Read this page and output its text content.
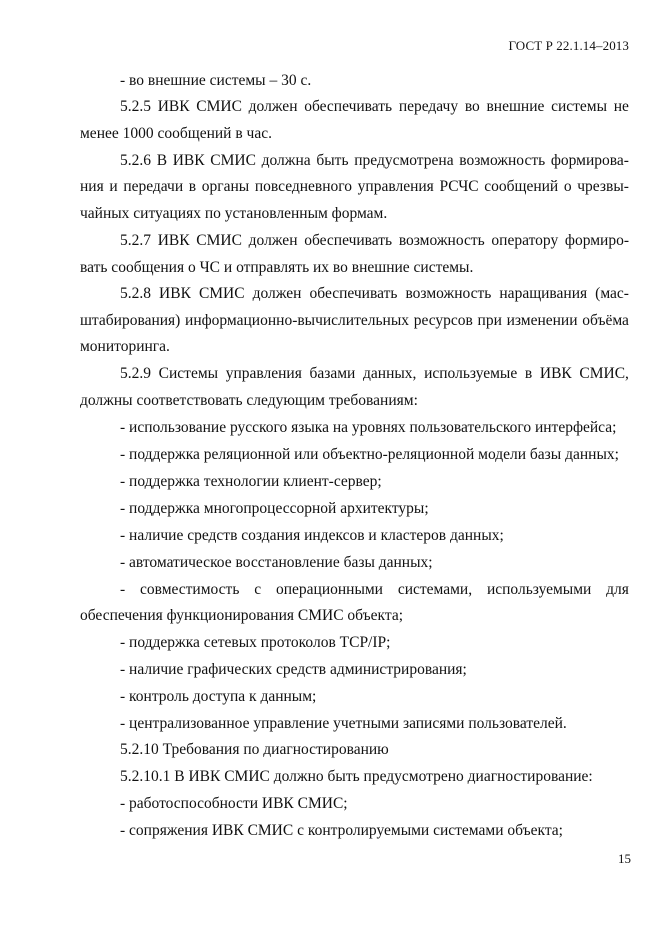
ГОСТ Р 22.1.14–2013
- во внешние системы – 30 с.
5.2.5 ИВК СМИС должен обеспечивать передачу во внешние системы не
менее 1000 сообщений в час.
5.2.6 В ИВК СМИС должна быть предусмотрена возможность формирова-
ния и передачи в органы повседневного управления РСЧС сообщений о чрезвы-
чайных ситуациях по установленным формам.
5.2.7 ИВК СМИС должен обеспечивать возможность оператору формиро-
вать сообщения о ЧС и отправлять их во внешние системы.
5.2.8 ИВК СМИС должен обеспечивать возможность наращивания (мас-
штабирования) информационно-вычислительных ресурсов при изменении объёма
мониторинга.
5.2.9 Системы управления базами данных, используемые в ИВК СМИС,
должны соответствовать следующим требованиям:
- использование русского языка на уровнях пользовательского интерфейса;
- поддержка реляционной или объектно-реляционной модели базы данных;
- поддержка технологии клиент-сервер;
- поддержка многопроцессорной архитектуры;
- наличие средств создания индексов и кластеров данных;
- автоматическое восстановление базы данных;
- совместимость с операционными системами, используемыми для
обеспечения функционирования СМИС объекта;
- поддержка сетевых протоколов TCP/IP;
- наличие графических средств администрирования;
- контроль доступа к данным;
- централизованное управление учетными записями пользователей.
5.2.10 Требования по диагностированию
5.2.10.1 В ИВК СМИС должно быть предусмотрено диагностирование:
- работоспособности ИВК СМИС;
- сопряжения ИВК СМИС с контролируемыми системами объекта;
15
